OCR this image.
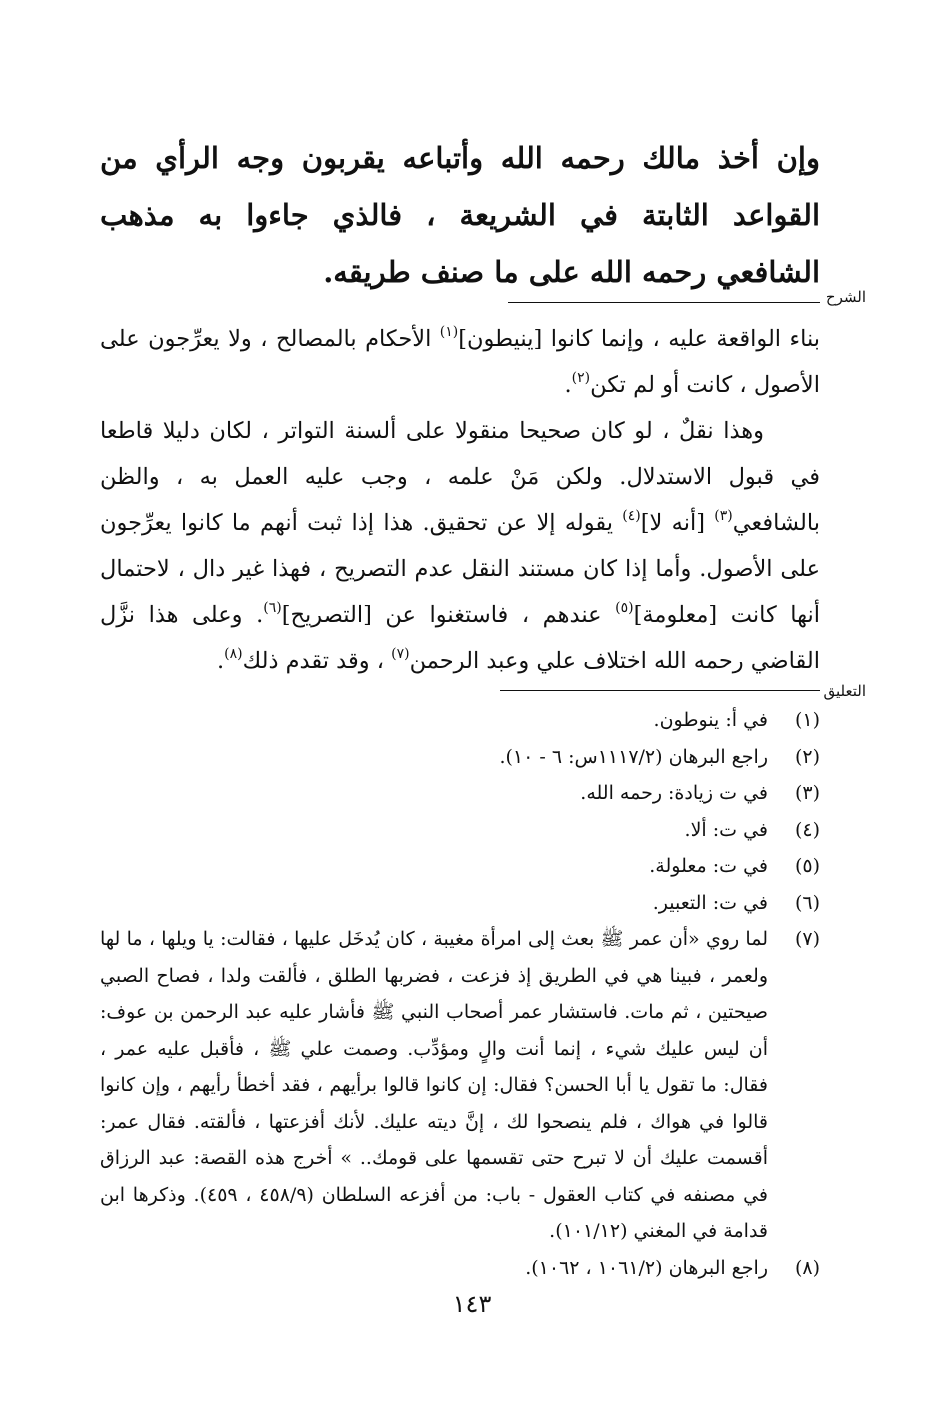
وإن أخذ مالك رحمه الله وأتباعه يقربون وجه الرأي من القواعد الثابتة في الشريعة ، فالذي جاءوا به مذهب الشافعي رحمه الله على ما صنف طريقه.

الشرح

بناء الواقعة عليه ، وإنما كانوا [ينيطون]$^{(١)}$ الأحكام بالمصالح ، ولا يعرِّجون على الأصول ، كانت أو لم تكن$^{(٢)}$.

وهذا نقلٌ ، لو كان صحيحا منقولا على ألسنة التواتر ، لكان دليلا قاطعا في قبول الاستدلال. ولكن مَنْ علمه ، وجب عليه العمل به ، والظن بالشافعي$^{(٣)}$ [أنه لا]$^{(٤)}$ يقوله إلا عن تحقيق. هذا إذا ثبت أنهم ما كانوا يعرِّجون على الأصول. وأما إذا كان مستند النقل عدم التصريح ، فهذا غير دال ، لاحتمال أنها كانت [معلومة]$^{(٥)}$ عندهم ، فاستغنوا عن [التصريح]$^{(٦)}$. وعلى هذا نزَّل القاضي رحمه الله اختلاف علي وعبد الرحمن$^{(٧)}$ ، وقد تقدم ذلك$^{(٨)}$.

التعليق
(١)
في أ: ينوطون.
(٢)
راجع البرهان (١١١٧/٢س: ٦ - ١٠).
(٣)
في ت زيادة: رحمه الله.
(٤)
في ت: ألا.
(٥)
في ت: معلولة.
(٦)
في ت: التعبير.
(٧)
لما روي «أن عمر ﷺ بعث إلى امرأة مغيبة ، كان يُدخَل عليها ، فقالت: يا ويلها ، ما لها ولعمر ، فبينا هي في الطريق إذ فزعت ، فضربها الطلق ، فألقت ولدا ، فصاح الصبي صيحتين ، ثم مات. فاستشار عمر أصحاب النبي ﷺ فأشار عليه عبد الرحمن بن عوف: أن ليس عليك شيء ، إنما أنت والٍ ومؤدِّب. وصمت علي ﷺ ، فأقبل عليه عمر ، فقال: ما تقول يا أبا الحسن؟ فقال: إن كانوا قالوا برأيهم ، فقد أخطأ رأيهم ، وإن كانوا قالوا في هواك ، فلم ينصحوا لك ، إنَّ ديته عليك. لأنك أفزعتها ، فألقته. فقال عمر: أقسمت عليك أن لا تبرح حتى تقسمها على قومك.. » أخرج هذه القصة: عبد الرزاق في مصنفه في كتاب العقول - باب: من أفزعه السلطان (٤٥٨/٩ ، ٤٥٩). وذكرها ابن قدامة في المغني (١٠١/١٢).
(٨)
راجع البرهان (١٠٦١/٢ ، ١٠٦٢).
١٤٣
